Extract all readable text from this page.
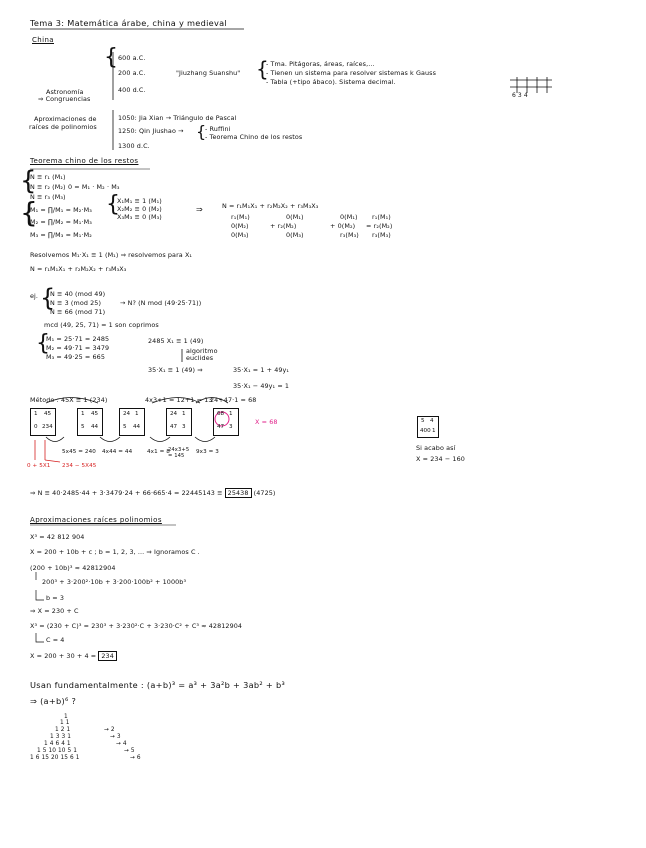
Tema 3: Matemática árabe, china y medieval
China
{ 600 a.C.
200 a.C.	"Jiuzhang Suanshu" {
- Tma. Pitágoras, áreas, raíces,...
- Tienen un sistema para resolver sistemas k Gauss
- Tabla (+tipo ábaco). Sistema decimal.
400 d.C.
Astronomía
⇒ Congruencias	6 3 4
Aproximaciones de
raíces de polinomios
1050: Jia Xian → Triángulo de Pascal
1250: Qin Jiushao → {
- Ruffini
- Teorema Chino de los restos
1300 d.C.
Teorema chino de los restos
{
N ≡ r₁ (M₁)
N ≡ r₂ (M₂) 0 = M₁ · M₂ · M₃
N ≡ r₃ (M₃)
{
M₁ = ∏/M₁ = M₂·M₃
M₂ = ∏/M₂ = M₁·M₃
M₃ = ∏/M₃ = M₁·M₂
{
X₁M₁ ≡ 1 (M₁)
X₂M₂ ≡ 0 (M₂)
X₃M₃ ≡ 0 (M₃)
⇒	N = r₁M₁X₁ + r₂M₂X₂ + r₃M₃X₃
r₁(M₁)	0(M₁)	0(M₁) r₁(M₁)
0(M₂)	+ r₂(M₂)	+ 0(M₂) = r₂(M₂)
0(M₃)	0(M₃)	r₃(M₃) r₃(M₃)
Resolvemos M₁·X₁ ≡ 1 (M₁) ⇒ resolvemos para X₁
N = r₁M₁X₁ + r₂M₂X₂ + r₃M₃X₃
ej. {
N ≡ 40 (mod 49)
N ≡ 3 (mod 25)
N ≡ 66 (mod 71)
→ N? (N mod (49·25·71))
mcd (49, 25, 71) = 1 son coprimos
{
M₁ = 25·71 = 2485
M₂ = 49·71 = 3479
M₃ = 49·25 = 665
2485 X₁ ≡ 1 (49)
algoritmo
euclides
35·X₁ ≡ 1 (49) ⇒	35·X₁ = 1 + 49y₁
35·X₁ − 49y₁ = 1
Método : 45X ≡ 1 (234)	4x3+1 = 12+1 = 13
24+47·1 = 68
1 45
0 234
1 45
5 44
24 1
5 44
24 1
47 3
68 1
47 3
X = 68
5x45 = 240 4x44 = 44	4x1 = 8
24x3+5
= 145
9x3 = 3
0 + 5X1 234 − 5X45
5 4
400 1
Si acabo así
X = 234 − 160
⇒ N ≡ 40·2485·44 + 3·3479·24 + 66·665·4 = 22445143 ≡ 25438 (4725)
Aproximaciones raíces polinomios
X³ = 42 812 904
X = 200 + 10b + c ; b = 1, 2, 3, ... ⇒ Ignoramos C .
(200 + 10b)³ ≈ 42812904
200³ + 3·200²·10b + 3·200·100b² + 1000b³
b = 3
⇒ X = 230 + C
X³ = (230 + C)³ = 230³ + 3·230²·C + 3·230·C² + C³ ≈ 42812904
C = 4
X = 200 + 30 + 4 = 234
Usan fundamentalmente : (a+b)³ = a³ + 3a²b + 3ab² + b³
⇒ (a+b)⁶ ?
1
1 1
1 2 1
1 3 3 1
1 4 6 4 1
1 5 10 10 5 1
1 6 15 20 15 6 1
→ 2
→ 3
→ 4
→ 5
→ 6
